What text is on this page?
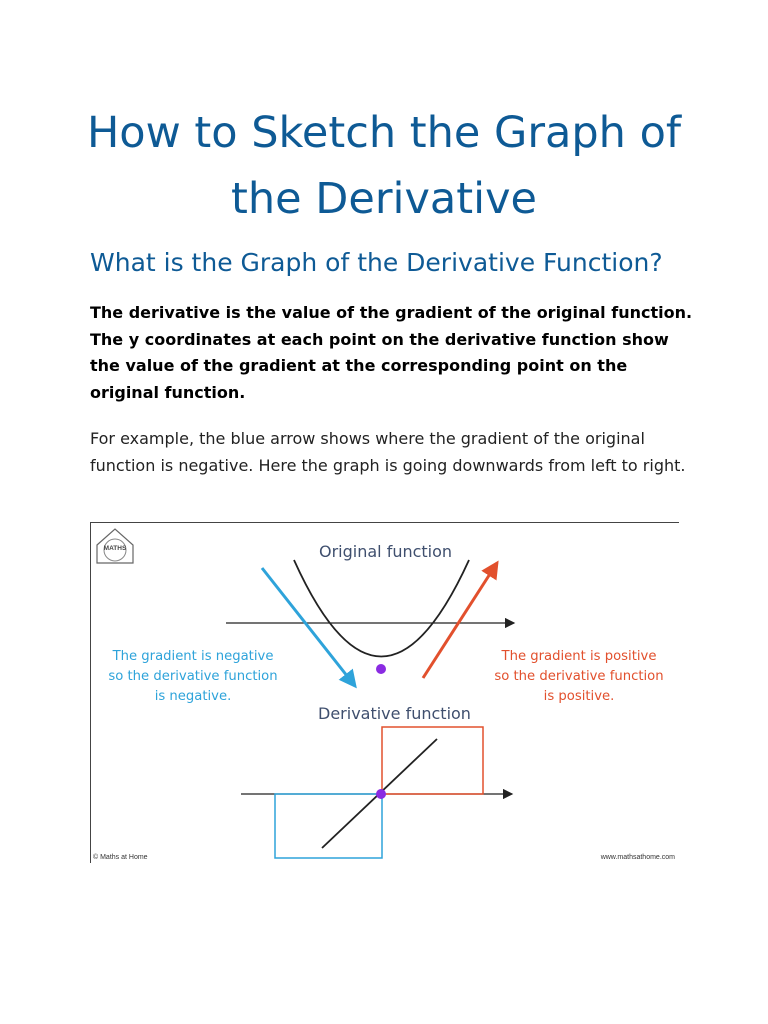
How to Sketch the Graph of the Derivative
What is the Graph of the Derivative Function?

The derivative is the value of the gradient of the original function. The y coordinates at each point on the derivative function show the value of the gradient at the corresponding point on the original function.

For example, the blue arrow shows where the gradient of the original function is negative. Here the graph is going downwards from left to right.

MATHS	Original function
Derivative function
The gradient is negative
so the derivative function
is negative.
The gradient is positive
so the derivative function
is positive.
© Maths at Home	www.mathsathome.com
